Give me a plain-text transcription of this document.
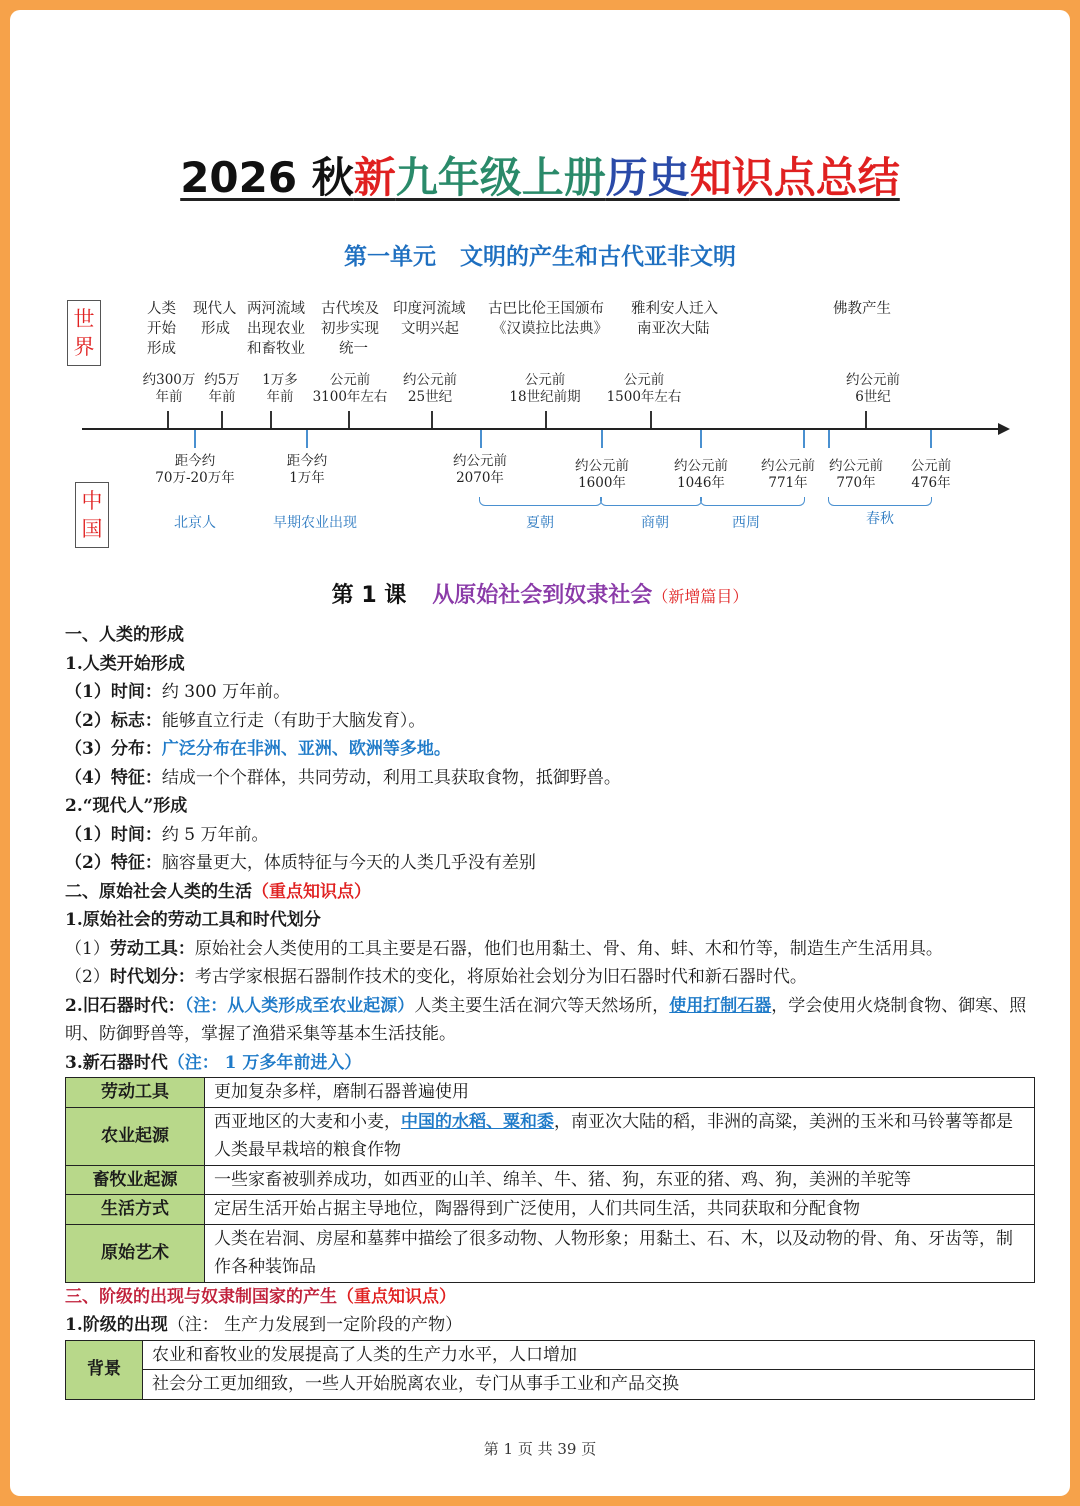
2026 秋新九年级上册历史知识点总结
第一单元 文明的产生和古代亚非文明
世
界
中
国
人类
开始
形成
现代人
形成
两河流域
出现农业
和畜牧业
古代埃及
初步实现
统一
印度河流域
文明兴起
古巴比伦王国颁布
《汉谟拉比法典》
雅利安人迁入
南亚次大陆
佛教产生
约300万
年前
约5万
年前
1万多
年前
公元前
3100年左右
约公元前
25世纪
公元前
18世纪前期
公元前
1500年左右
约公元前
6世纪
距今约
70万-20万年
距今约
1万年
约公元前
2070年
约公元前
1600年
约公元前
1046年
约公元前
771年
约公元前
770年
公元前
476年
北京人	早期农业出现	夏朝	商朝	西周	春秋
第 1 课 从原始社会到奴隶社会（新增篇目）
一、人类的形成
1.人类开始形成
（1）时间：约 300 万年前。
（2）标志：能够直立行走（有助于大脑发育）。
（3）分布：广泛分布在非洲、亚洲、欧洲等多地。
（4）特征：结成一个个群体，共同劳动，利用工具获取食物，抵御野兽。
2.“现代人”形成
（1）时间：约 5 万年前。
（2）特征：脑容量更大，体质特征与今天的人类几乎没有差别
二、原始社会人类的生活（重点知识点）
1.原始社会的劳动工具和时代划分
（1）劳动工具：原始社会人类使用的工具主要是石器，他们也用黏土、骨、角、蚌、木和竹等，制造生产生活用具。
（2）时代划分：考古学家根据石器制作技术的变化，将原始社会划分为旧石器时代和新石器时代。
2.旧石器时代：（注：从人类形成至农业起源）人类主要生活在洞穴等天然场所，使用打制石器，学会使用火烧制食物、御寒、照明、防御野兽等，掌握了渔猎采集等基本生活技能。
3.新石器时代（注： 1 万多年前进入）
劳动工具	更加复杂多样，磨制石器普遍使用
农业起源	西亚地区的大麦和小麦，中国的水稻、粟和黍，南亚次大陆的稻，非洲的高粱，美洲的玉米和马铃薯等都是人类最早栽培的粮食作物
畜牧业起源	一些家畜被驯养成功，如西亚的山羊、绵羊、牛、猪、狗，东亚的猪、鸡、狗，美洲的羊驼等
生活方式	定居生活开始占据主导地位，陶器得到广泛使用，人们共同生活，共同获取和分配食物
原始艺术	人类在岩洞、房屋和墓葬中描绘了很多动物、人物形象；用黏土、石、木，以及动物的骨、角、牙齿等，制作各种装饰品
三、阶级的出现与奴隶制国家的产生（重点知识点）
1.阶级的出现（注： 生产力发展到一定阶段的产物）
背景	农业和畜牧业的发展提高了人类的生产力水平，人口增加
社会分工更加细致，一些人开始脱离农业，专门从事手工业和产品交换
第 1 页 共 39 页
